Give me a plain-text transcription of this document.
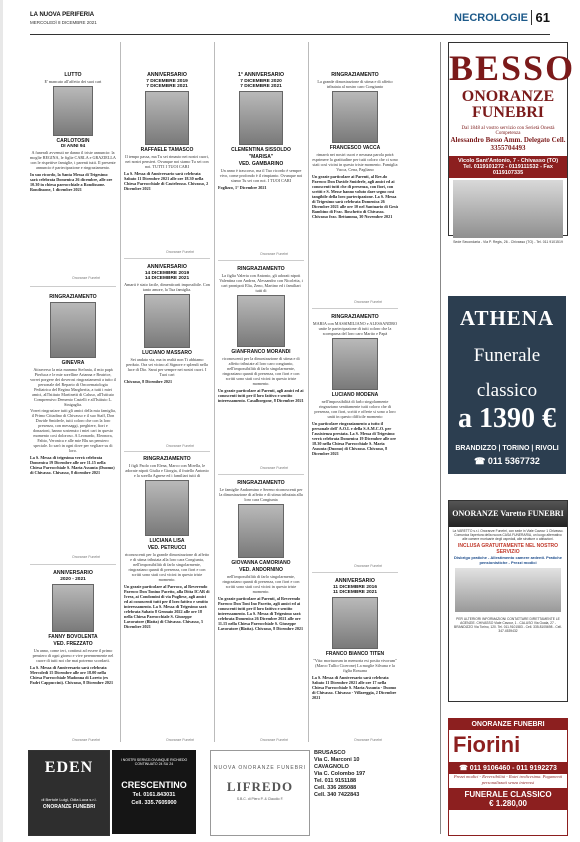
LA NUOVA PERIFERIA
MERCOLEDÌ 8 DICEMBRE 2021	NECROLOGIE 61
LUTTO
E' mancato all'affetto dei suoi cari
CARLOTOSIN
DI ANNI 94
A funerali avvenuti ne danno il triste annuncio: la moglie REGINA, le figlie CARLA e GRAZIELLA con le rispettive famiglie, i parenti tutti. Il presente annuncio è partecipazione e ringraziamento.
In suo ricordo, la Santa Messa di Trigesimo sarà celebrata Domenica 26 dicembre, alle ore 10.30 in chiesa parrocchiale a Rondissone. Rondissone, 1 dicembre 2021
Onoranze Funebri
RINGRAZIAMENTO
GINEVRA
Attraverso la mia mamma Stefania, il mio papà Pierluca e le mie sorelline Arianna e Beatrice, vorrei porgere dei doverosi ringraziamenti a tutto il personale del Reparto di Oncoematologia Pediatrica del Regina Margherita, a tutti i miei amici, all'Istituto Martinetti di Caluso, all'Istituto Comprensivo Demento Castelli e all'Istituto L. Sinigaglia.
Vorrei ringraziare tutti gli amici della mia famiglia, il Primo Cittadino di Chivasso e il suo Staff, Don Davide Smiderle, tutti coloro che con la loro presenza, con messaggi, preghiere, fiori e donazioni, hanno sostenuto i miei cari in questo momento così doloroso. A Leonardo, Eleonora, Fabio, Veronica e alle mie Blu un pensiero speciale. Io sarò in ogni dove per vegliare su di loro.
La S. Messa di trigesima verrà celebrata Domenica 19 Dicembre alle ore 11.15 nella Chiesa Parrocchiale S. Maria Assunta (Duomo) di Chivasso. Chivasso, 8 dicembre 2021
Onoranze Funebri
ANNIVERSARIO
2020 - 2021
FANNY BOVOLENTA
VED. FREZZATO
Un anno, come ieri, continui ad essere il primo pensiero di ogni giorno e vive perennemente nel cuore di tutti noi che mai potremo scordarti.
La S. Messa di Anniversario sarà celebrata Mercoledì 15 Dicembre alle ore 18.00 nella Chiesa Parrocchiale Madonna di Loreto (ex Padri Cappuccini). Chivasso, 8 Dicembre 2021
Onoranze Funebri
ANNIVERSARIO
7 DICEMBRE 2019
7 DICEMBRE 2021
RAFFAELE TAMASCO
Il tempo passa, ma Tu sei rimasto nei nostri cuori, nei nostri pensieri. Ovunque noi siamo Tu sei con noi. TUTTI I TUOI CARI
La S. Messa di Anniversario sarà celebrata Sabato 11 Dicembre 2021 alle ore 18.30 nella Chiesa Parrocchiale di Castelrosso. Chivasso, 2 Dicembre 2021
Onoranze Funebri
ANNIVERSARIO
14 DICEMBRE 2019
14 DICEMBRE 2021
Amarti è stato facile, dimenticarti impossibile. Con tanto amore, la Tua famiglia.
LUCIANO MASSARO
Sei andato via, ma in realtà non Ti abbiamo perduto. Ora sei vicino al Signore e splendi nella luce di Dio. Sarai per sempre nei nostri cuori. I Tuoi cari
Chivasso, 8 Dicembre 2021
Onoranze Funebri
RINGRAZIAMENTO
I figli Paolo con Elena, Marco con Mirella, le adorate nipoti Giulia e Giorgia, il fratello Antonio e la sorella Agnese ed i familiari tutti di
LUCIANA LISA
VED. PETRUCCI
riconoscenti per la grande dimostrazione di affetto e di stima tributata alla loro cara Congiunta, nell'impossibilità di farlo singolarmente, ringraziano quanti di presenza, con fiori e con scritti sono stati così vicini in questo triste momento.
Un grazie particolare al Parroco, al Reverendo Parroco Don Tonino Pacetto, alla Ditta ICAR di Ivrea, ai Condomini di via Pugliese, agli amici ed ai conoscenti tutti per il loro fattivo e sentito interessamento. La S. Messa di Trigesimo sarà celebrata Sabato 8 Gennaio 2022 alle ore 18 nella Chiesa Parrocchiale S. Giuseppe Lavoratore (Blatta) di Chivasso. Chivasso, 3 Dicembre 2021
Onoranze Funebri
1° ANNIVERSARIO
7 DICEMBRE 2020
7 DICEMBRE 2021
CLEMENTINA SISSOLDO
"MARISA"
VED. GAMBARINO
Un anno è trascorso, ma il Tuo ricordo è sempre vivo, come profondo è il rimpianto. Ovunque noi siamo Tu sei con noi. I TUOI CARI
Foglizzo, 1° Dicembre 2021
Onoranze Funebri
RINGRAZIAMENTO
La figlia Valeria con Antonio, gli adorati nipoti Valentina con Andrea, Alessandro con Nicoletta, i cari pronipoti Elia, Zeno, Martino ed i familiari tutti di
GIANFRANCO MORANDI
riconoscenti per la dimostrazione di stima e di affetto tributate al loro caro congiunto, nell'impossibilità di farlo singolarmente, ringraziano quanti di presenza, con fiori e con scritti sono stati così vicini in questo triste momento.
Un grazie particolare ai Parenti, agli amici ed ai conoscenti tutti per il loro fattivo e sentito interessamento. Casalborgone, 8 Dicembre 2021
Onoranze Funebri
RINGRAZIAMENTO
Le famiglie Andormino e Sereno riconoscenti per la dimostrazione di affetto e di stima tributata alla loro cara Congiunta
GIOVANNA CAMORIANO
VED. ANDORNINO
nell'impossibilità di farlo singolarmente, ringraziano quanti di presenza, con fiori e con scritti sono stati così vicini in questo triste momento.
Un grazie particolare ai Parenti, al Reverendo Parroco Don Toni Ino Pacetto, agli amici ed ai conoscenti tutti per il loro fattivo e sentito interessamento. La S. Messa di Trigesimo sarà celebrata Domenica 26 Dicembre 2021 alle ore 11.15 nella Chiesa Parrocchiale S. Giuseppe Lavoratore (Blatta). Chivasso, 8 Dicembre 2021
Onoranze Funebri
RINGRAZIAMENTO
La grande dimostrazione di stima e di affetto tributata al nostro caro Congiunto
FRANCESCO VACCA
rimarrà nei nostri cuori e nessuna parola potrà esprimere la gratitudine per tutti coloro che ci sono stati così vicini in questo triste momento. Famiglia Vacca, Cena, Pagliano
Un grazie particolare ai Parenti, al Rev.do Parroco Don Davide Smiderle, agli amici ed ai conoscenti tutti che di presenza, con fiori, con scritti e S. Messe hanno voluto dare segno così tangibile della loro partecipazione. La S. Messa di Trigesimo sarà celebrata Domenica 26 Dicembre 2021 alle ore 10 nel Santuario di Gesù Bambino di Frac. Boschetto di Chivasso. Chivasso frac. Bettamma, 30 Novembre 2021
Onoranze Funebri
RINGRAZIAMENTO
MARIA con MASSIMILIANO e ALESSANDRO unite le partecipazione di tutti coloro che la scomparsa del loro caro Marito e Papà
LUCIANO MODENA
nell'impossibilità di farlo singolarmente ringraziano sentitamente tutti coloro che di presenza, con fiori, scritti e offerte si sono a loro uniti in questo difficile momento
Un particolare ringraziamento a tutto il personale dell' A.O.L e della S.A.M.C.O. per l'assistenza prestata. La S. Messa di Trigesimo verrà celebrata Domenica 19 Dicembre alle ore 18.30 nella Chiesa Parrocchiale S. Maria Assunta (Duomo) di Chivasso. Chivasso, 8 Dicembre 2021
Onoranze Funebri
ANNIVERSARIO
11 DICEMBRE 2016
11 DICEMBRE 2021
FRANCO BIANCO TITEN
"Vita: mortuorum in memoria est posita vivorum" (Marco Tullio Cicerone) La moglie Silvana e la figlia Rossana
La S. Messa di Anniversario sarà celebrata Sabato 11 Dicembre 2021 alle ore 17 nella Chiesa Parrocchiale S. Maria Assunta - Duomo di Chivasso. Chivasso - Villareggia, 2 Dicembre 2021
Onoranze Funebri
BESSO
ONORANZE
FUNEBRI
Dal 1848 al vostro servizio con Serietà Onestà Competenza
Alessandro Besso Amm. Delegato Cell. 3355704493
Vicolo Sant'Antonio, 7 - Chivasso (TO)
Tel. 0119101272 - 0119111532 - Fax 0119107335
Sede Secondaria - Via P. Regis, 26 - Chivasso (TO) - Tel. 011 9101519
ATHENA
Funerale
classico
a 1390 €
BRANDIZZO | TORINO | RIVOLI
☎ 011 5367732
ONORANZE Varetto FUNEBRI
La VARETTO s.r.l. Onoranze Funebri, con sede in Viale Cavour 1 Chivasso. Comunica l'apertura della nuova CASA FUNERARIA, un luogo alternativo alle camere mortuarie degli ospedali, alle strutture o abitazioni.
INCLUSA GRATUITAMENTE NEL NOSTRO SERVIZIO
Disbrigo pratiche - Allestimento camere ardenti. Pratiche pensionistiche - Prezzi modici
PER ULTERIORI INFORMAZIONI CONTATTARE DIRETTAMENTE LE AGENZIE. CHIVASSO Viale Cavour, 1 - CALUSO Via Guala, 27 - BRANDIZZO Via Torino, 120. Tel. 011.9101583 - Cell. 335.8105698 - Cell. 347.4539432
ONORANZE FUNEBRI
Fiorini
☎ 011 9106460 - 011 9192273
Prezzi modici - Reversibilità - Ratei tredicesima. Pagamenti personalizzati senza interessi
FUNERALE CLASSICO
€ 1.280,00
EDEN
di Bertolè Luigi, Odia Luca s.r.l.
ONORANZE FUNEBRI
I NOSTRI SERVIZI OVUNQUE RICHIEDO CONTINUATO 24 SU 24
CRESCENTINO
Tel. 0161.843031
Cell. 335.7605900
NUOVA ONORANZE FUNEBRI
LIFREDO
S.B.C. di Piero P. & Claudio F.
BRUSASCO
Via C. Marconi 10
CAVAGNOLO
Via C. Colombo 197
Tel. 011 9151188
Cell. 336 285088
Cell. 340 7422843
